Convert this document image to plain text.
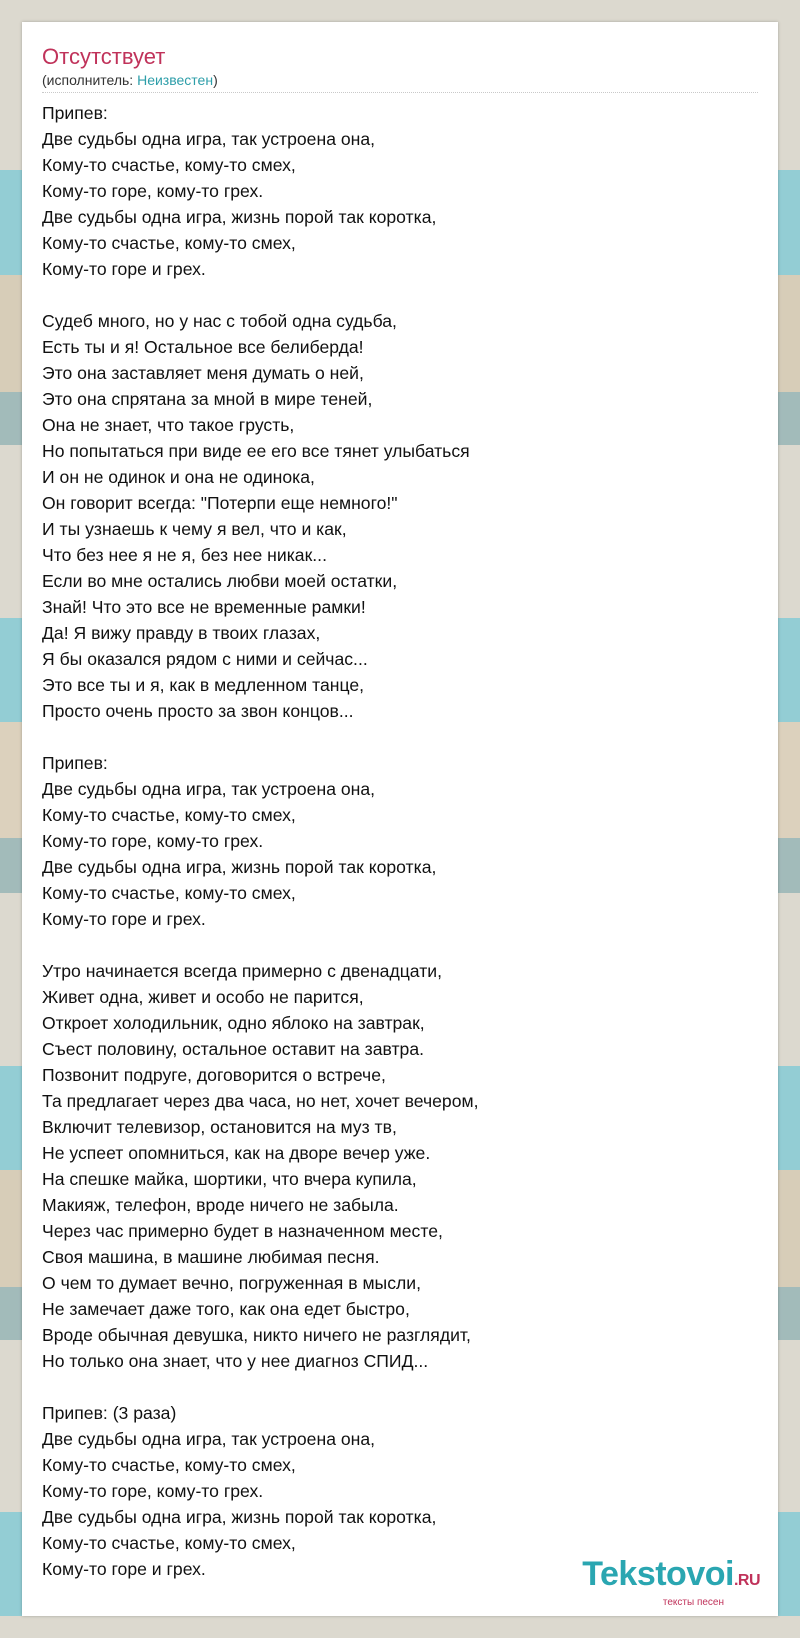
Отсутствует
(исполнитель: Неизвестен)
Припев:
Две судьбы одна игра, так устроена она,
Кому-то счастье, кому-то смех,
Кому-то горе, кому-то грех.
Две судьбы одна игра, жизнь порой так коротка,
Кому-то счастье, кому-то смех,
Кому-то горе и грех.
Судеб много, но у нас с тобой одна судьба,
Есть ты и я! Остальное все белиберда!
Это она заставляет меня думать о ней,
Это она спрятана за мной в мире теней,
Она не знает, что такое грусть,
Но попытаться при виде ее его все тянет улыбаться
И он не одинок и она не одинока,
Он говорит всегда: "Потерпи еще немного!"
И ты узнаешь к чему я вел, что и как,
Что без нее я не я, без нее никак...
Если во мне остались любви моей остатки,
Знай! Что это все не временные рамки!
Да! Я вижу правду в твоих глазах,
Я бы оказался рядом с ними и сейчас...
Это все ты и я, как в медленном танце,
Просто очень просто за звон концов...
Припев:
Две судьбы одна игра, так устроена она,
Кому-то счастье, кому-то смех,
Кому-то горе, кому-то грех.
Две судьбы одна игра, жизнь порой так коротка,
Кому-то счастье, кому-то смех,
Кому-то горе и грех.
Утро начинается всегда примерно с двенадцати,
Живет одна, живет и особо не парится,
Откроет холодильник, одно яблоко на завтрак,
Съест половину, остальное оставит на завтра.
Позвонит подруге, договорится о встрече,
Та предлагает через два часа, но нет, хочет вечером,
Включит телевизор, остановится на муз тв,
Не успеет опомниться, как на дворе вечер уже.
На спешке майка, шортики, что вчера купила,
Макияж, телефон, вроде ничего не забыла.
Через час примерно будет в назначенном месте,
Своя машина, в машине любимая песня.
О чем то думает вечно, погруженная в мысли,
Не замечает даже того, как она едет быстро,
Вроде обычная девушка, никто ничего не разглядит,
Но только она знает, что у нее диагноз СПИД...
Припев: (3 раза)
Две судьбы одна игра, так устроена она,
Кому-то счастье, кому-то смех,
Кому-то горе, кому-то грех.
Две судьбы одна игра, жизнь порой так коротка,
Кому-то счастье, кому-то смех,
Кому-то горе и грех.	Tekstovoi.RU
тексты песен
